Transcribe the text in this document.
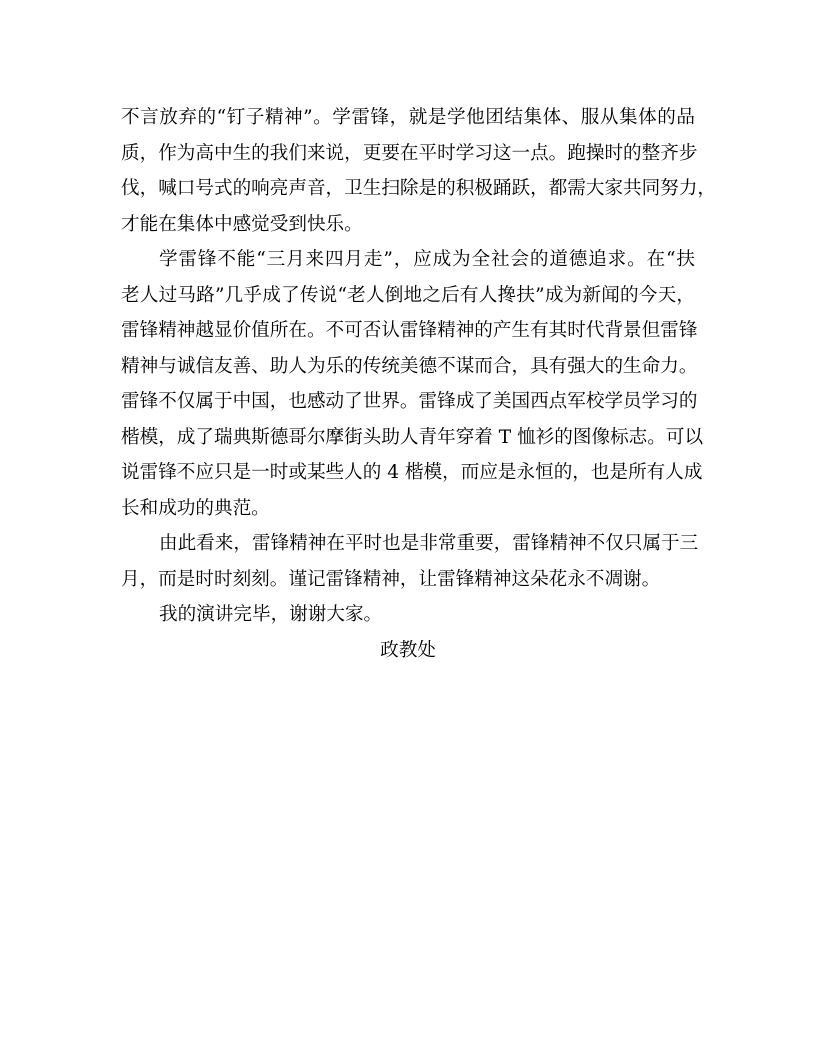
不言放弃的“钉子精神”。学雷锋，就是学他团结集体、服从集体的品
质，作为高中生的我们来说，更要在平时学习这一点。跑操时的整齐步
伐，喊口号式的响亮声音，卫生扫除是的积极踊跃，都需大家共同努力，
才能在集体中感觉受到快乐。
学雷锋不能“三月来四月走”，应成为全社会的道德追求。在“扶
老人过马路”几乎成了传说“老人倒地之后有人搀扶”成为新闻的今天，
雷锋精神越显价值所在。不可否认雷锋精神的产生有其时代背景但雷锋
精神与诚信友善、助人为乐的传统美德不谋而合，具有强大的生命力。
雷锋不仅属于中国，也感动了世界。雷锋成了美国西点军校学员学习的
楷模，成了瑞典斯德哥尔摩街头助人青年穿着 T 恤衫的图像标志。可以
说雷锋不应只是一时或某些人的 4 楷模，而应是永恒的，也是所有人成
长和成功的典范。
由此看来，雷锋精神在平时也是非常重要，雷锋精神不仅只属于三
月，而是时时刻刻。谨记雷锋精神，让雷锋精神这朵花永不凋谢。
我的演讲完毕，谢谢大家。
政教处
